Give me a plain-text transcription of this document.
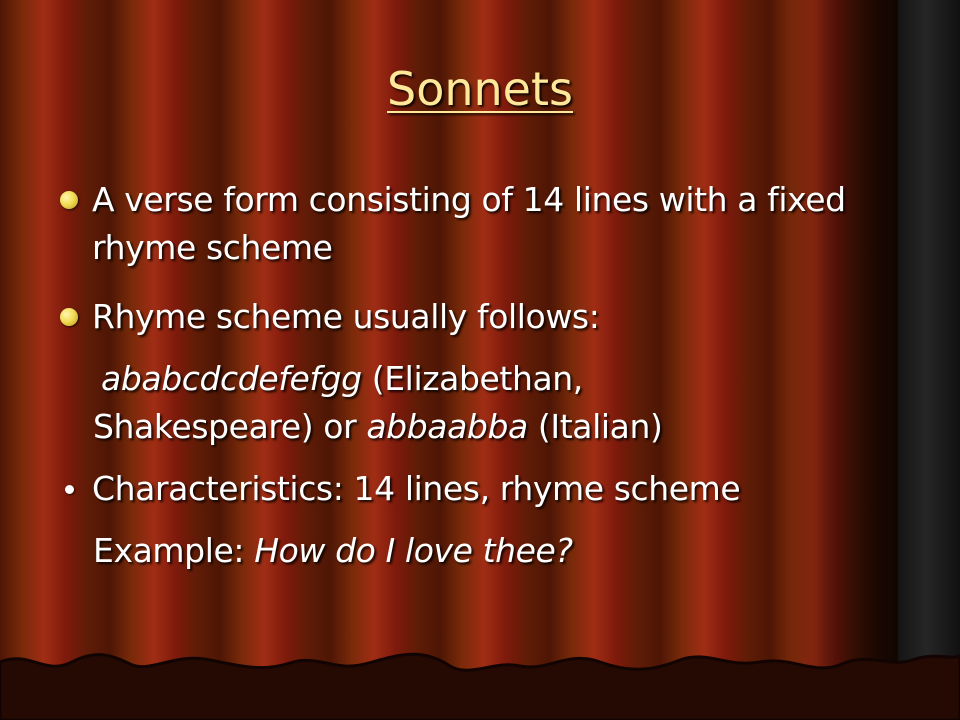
Sonnets
A verse form consisting of 14 lines with a fixed rhyme scheme
Rhyme scheme usually follows:
ababcdcdefefgg (Elizabethan, Shakespeare) or abbaabba (Italian)
Characteristics: 14 lines, rhyme scheme
Example: How do I love thee?
